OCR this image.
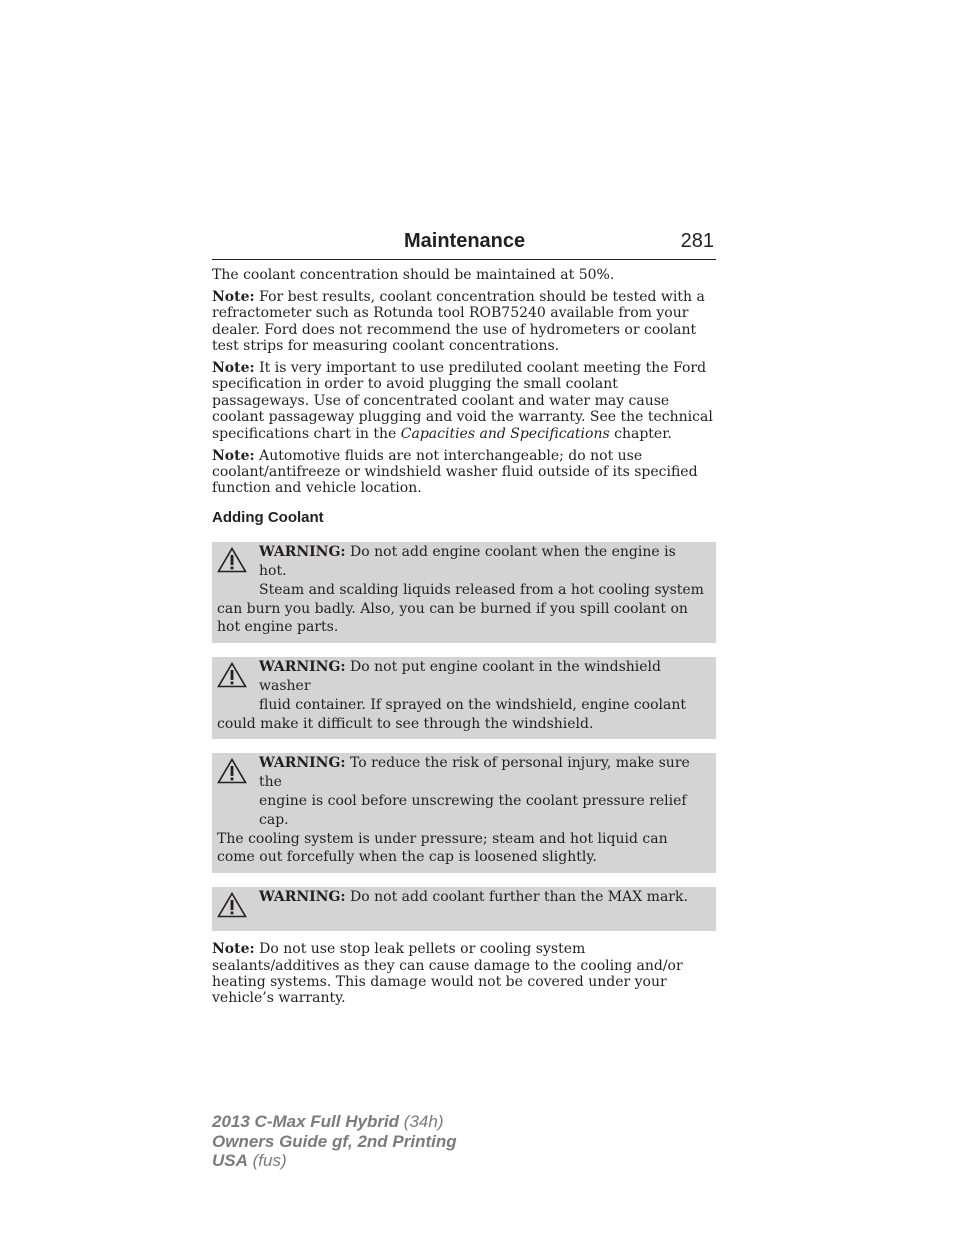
Maintenance	281

The coolant concentration should be maintained at 50%.

Note: For best results, coolant concentration should be tested with a refractometer such as Rotunda tool ROB75240 available from your dealer. Ford does not recommend the use of hydrometers or coolant test strips for measuring coolant concentrations.

Note: It is very important to use prediluted coolant meeting the Ford specification in order to avoid plugging the small coolant passageways. Use of concentrated coolant and water may cause coolant passageway plugging and void the warranty. See the technical specifications chart in the Capacities and Specifications chapter.

Note: Automotive fluids are not interchangeable; do not use coolant/antifreeze or windshield washer fluid outside of its specified function and vehicle location.

Adding Coolant
WARNING: Do not add engine coolant when the engine is hot.
Steam and scalding liquids released from a hot cooling system
can burn you badly. Also, you can be burned if you spill coolant on hot engine parts.
WARNING: Do not put engine coolant in the windshield washer
fluid container. If sprayed on the windshield, engine coolant
could make it difficult to see through the windshield.
WARNING: To reduce the risk of personal injury, make sure the
engine is cool before unscrewing the coolant pressure relief cap.
The cooling system is under pressure; steam and hot liquid can come out forcefully when the cap is loosened slightly.
WARNING: Do not add coolant further than the MAX mark.

Note: Do not use stop leak pellets or cooling system sealants/additives as they can cause damage to the cooling and/or heating systems. This damage would not be covered under your vehicle’s warranty.

2013 C-Max Full Hybrid (34h)
Owners Guide gf, 2nd Printing
USA (fus)
